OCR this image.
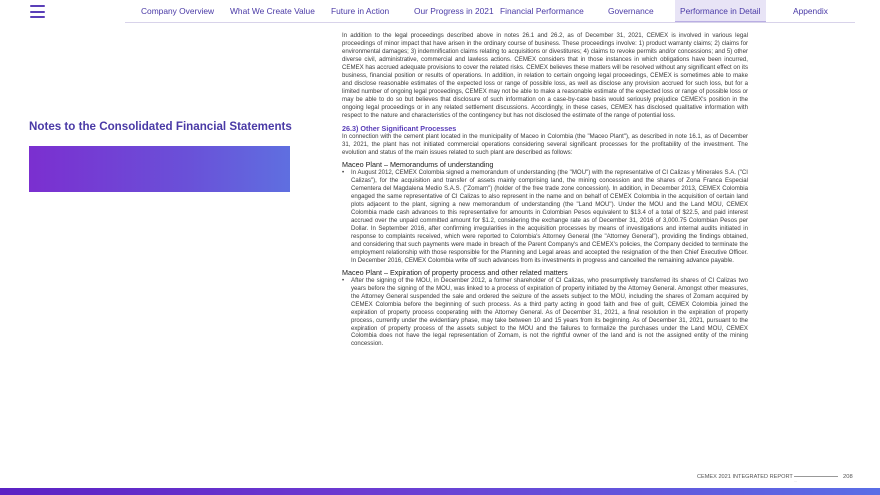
Company Overview What We Create Value Future in Action	Our Progress in 2021 Financial Performance	Governance	Performance in Detail	Appendix
Notes to the Consolidated Financial Statements

In addition to the legal proceedings described above in notes 26.1 and 26.2, as of December 31, 2021, CEMEX is involved in various legal proceedings of minor impact that have arisen in the ordinary course of business. These proceedings involve: 1) product warranty claims; 2) claims for environmental damages; 3) indemnification claims relating to acquisitions or divestitures; 4) claims to revoke permits and/or concessions; and 5) other diverse civil, administrative, commercial and lawless actions. CEMEX considers that in those instances in which obligations have been incurred, CEMEX has accrued adequate provisions to cover the related risks. CEMEX believes these matters will be resolved without any significant effect on its business, financial position or results of operations. In addition, in relation to certain ongoing legal proceedings, CEMEX is sometimes able to make and disclose reasonable estimates of the expected loss or range of possible loss, as well as disclose any provision accrued for such loss, but for a limited number of ongoing legal proceedings, CEMEX may not be able to make a reasonable estimate of the expected loss or range of possible loss or may be able to do so but believes that disclosure of such information on a case-by-case basis would seriously prejudice CEMEX's position in the ongoing legal proceedings or in any related settlement discussions. Accordingly, in these cases, CEMEX has disclosed qualitative information with respect to the nature and characteristics of the contingency but has not disclosed the estimate of the range of potential loss.

26.3) Other Significant Processes

In connection with the cement plant located in the municipality of Maceo in Colombia (the "Maceo Plant"), as described in note 16.1, as of December 31, 2021, the plant has not initiated commercial operations considering several significant processes for the profitability of the investment. The evolution and status of the main issues related to such plant are described as follows:

Maceo Plant – Memorandums of understanding

•	In August 2012, CEMEX Colombia signed a memorandum of understanding (the "MOU") with the representative of CI Calizas y Minerales S.A. ("CI Calizas"), for the acquisition and transfer of assets mainly comprising land, the mining concession and the shares of Zona Franca Especial Cementera del Magdalena Medio S.A.S. ("Zomam") (holder of the free trade zone concession). In addition, in December 2013, CEMEX Colombia engaged the same representative of CI Calizas to also represent in the name and on behalf of CEMEX Colombia in the acquisition of certain land plots adjacent to the plant, signing a new memorandum of understanding (the "Land MOU"). Under the MOU and the Land MOU, CEMEX Colombia made cash advances to this representative for amounts in Colombian Pesos equivalent to $13.4 of a total of $22.5, and paid interest accrued over the unpaid committed amount for $1.2, considering the exchange rate as of December 31, 2016 of 3,000.75 Colombian Pesos per Dollar. In September 2016, after confirming irregularities in the acquisition processes by means of investigations and internal audits initiated in response to complaints received, which were reported to Colombia's Attorney General (the "Attorney General"), providing the findings obtained, and considering that such payments were made in breach of the Parent Company's and CEMEX's policies, the Company decided to terminate the employment relationship with those responsible for the Planning and Legal areas and accepted the resignation of the then Chief Executive Officer. In December 2016, CEMEX Colombia write off such advances from its investments in progress and cancelled the remaining advance payable.

Maceo Plant – Expiration of property process and other related matters

•	After the signing of the MOU, in December 2012, a former shareholder of CI Calizas, who presumptively transferred its shares of CI Calizas two years before the signing of the MOU, was linked to a process of expiration of property initiated by the Attorney General. Amongst other measures, the Attorney General suspended the sale and ordered the seizure of the assets subject to the MOU, including the shares of Zomam acquired by CEMEX Colombia before the beginning of such process. As a third party acting in good faith and free of guilt, CEMEX Colombia joined the expiration of property process cooperating with the Attorney General. As of December 31, 2021, a final resolution in the expiration of property process, currently under the evidentiary phase, may take between 10 and 15 years from its beginning. As of December 31, 2021, pursuant to the expiration of property process of the assets subject to the MOU and the failures to formalize the purchases under the Land MOU, CEMEX Colombia does not have the legal representation of Zomam, is not the rightful owner of the land and is not the assigned entity of the mining concession.
CEMEX 2021 INTEGRATED REPORT
...
208
